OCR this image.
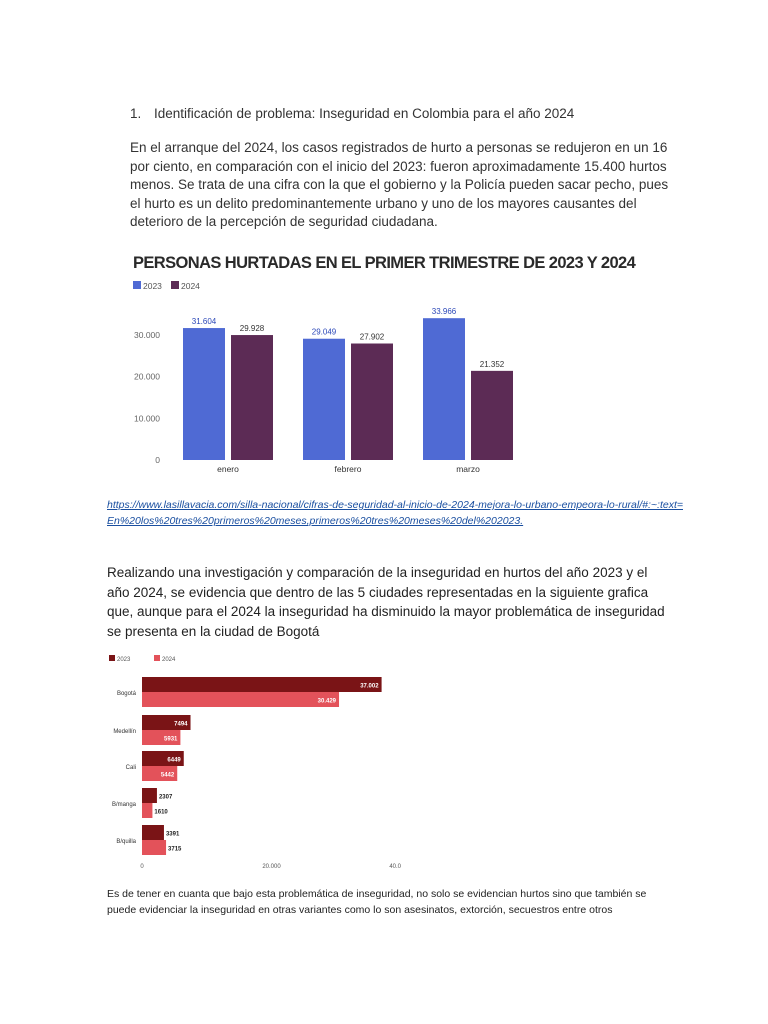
1. Identificación de problema: Inseguridad en Colombia para el año 2024

En el arranque del 2024, los casos registrados de hurto a personas se redujeron en un 16 por ciento, en comparación con el inicio del 2023: fueron aproximadamente 15.400 hurtos menos. Se trata de una cifra con la que el gobierno y la Policía pueden sacar pecho, pues el hurto es un delito predominantemente urbano y uno de los mayores causantes del deterioro de la percepción de seguridad ciudadana.

PERSONAS HURTADAS EN EL PRIMER TRIMESTRE DE 2023 Y 2024
2023 2024
0
10.000
20.000
30.000
31.604
29.928
enero
29.049
27.902
febrero
33.966
21.352
marzo
https://www.lasillavacia.com/silla-nacional/cifras-de-seguridad-al-inicio-de-2024-mejora-lo-urbano-empeora-lo-rural/#:~:text=En%20los%20tres%20primeros%20meses,primeros%20tres%20meses%20del%202023.

Realizando una investigación y comparación de la inseguridad en hurtos del año 2023 y el año 2024, se evidencia que dentro de las 5 ciudades representadas en la siguiente grafica que, aunque para el 2024 la inseguridad ha disminuido la mayor problemática de inseguridad se presenta en la ciudad de Bogotá

2023	2024
37.002
30.429
Bogotá
7494
5931
Medellín
6449
5442
Cali
2307
1610
B/manga
3391
3715
B/quilla
0	20.000	40.0

Es de tener en cuanta que bajo esta problemática de inseguridad, no solo se evidencian hurtos sino que también se puede evidenciar la inseguridad en otras variantes como lo son asesinatos, extorción, secuestros entre otros
